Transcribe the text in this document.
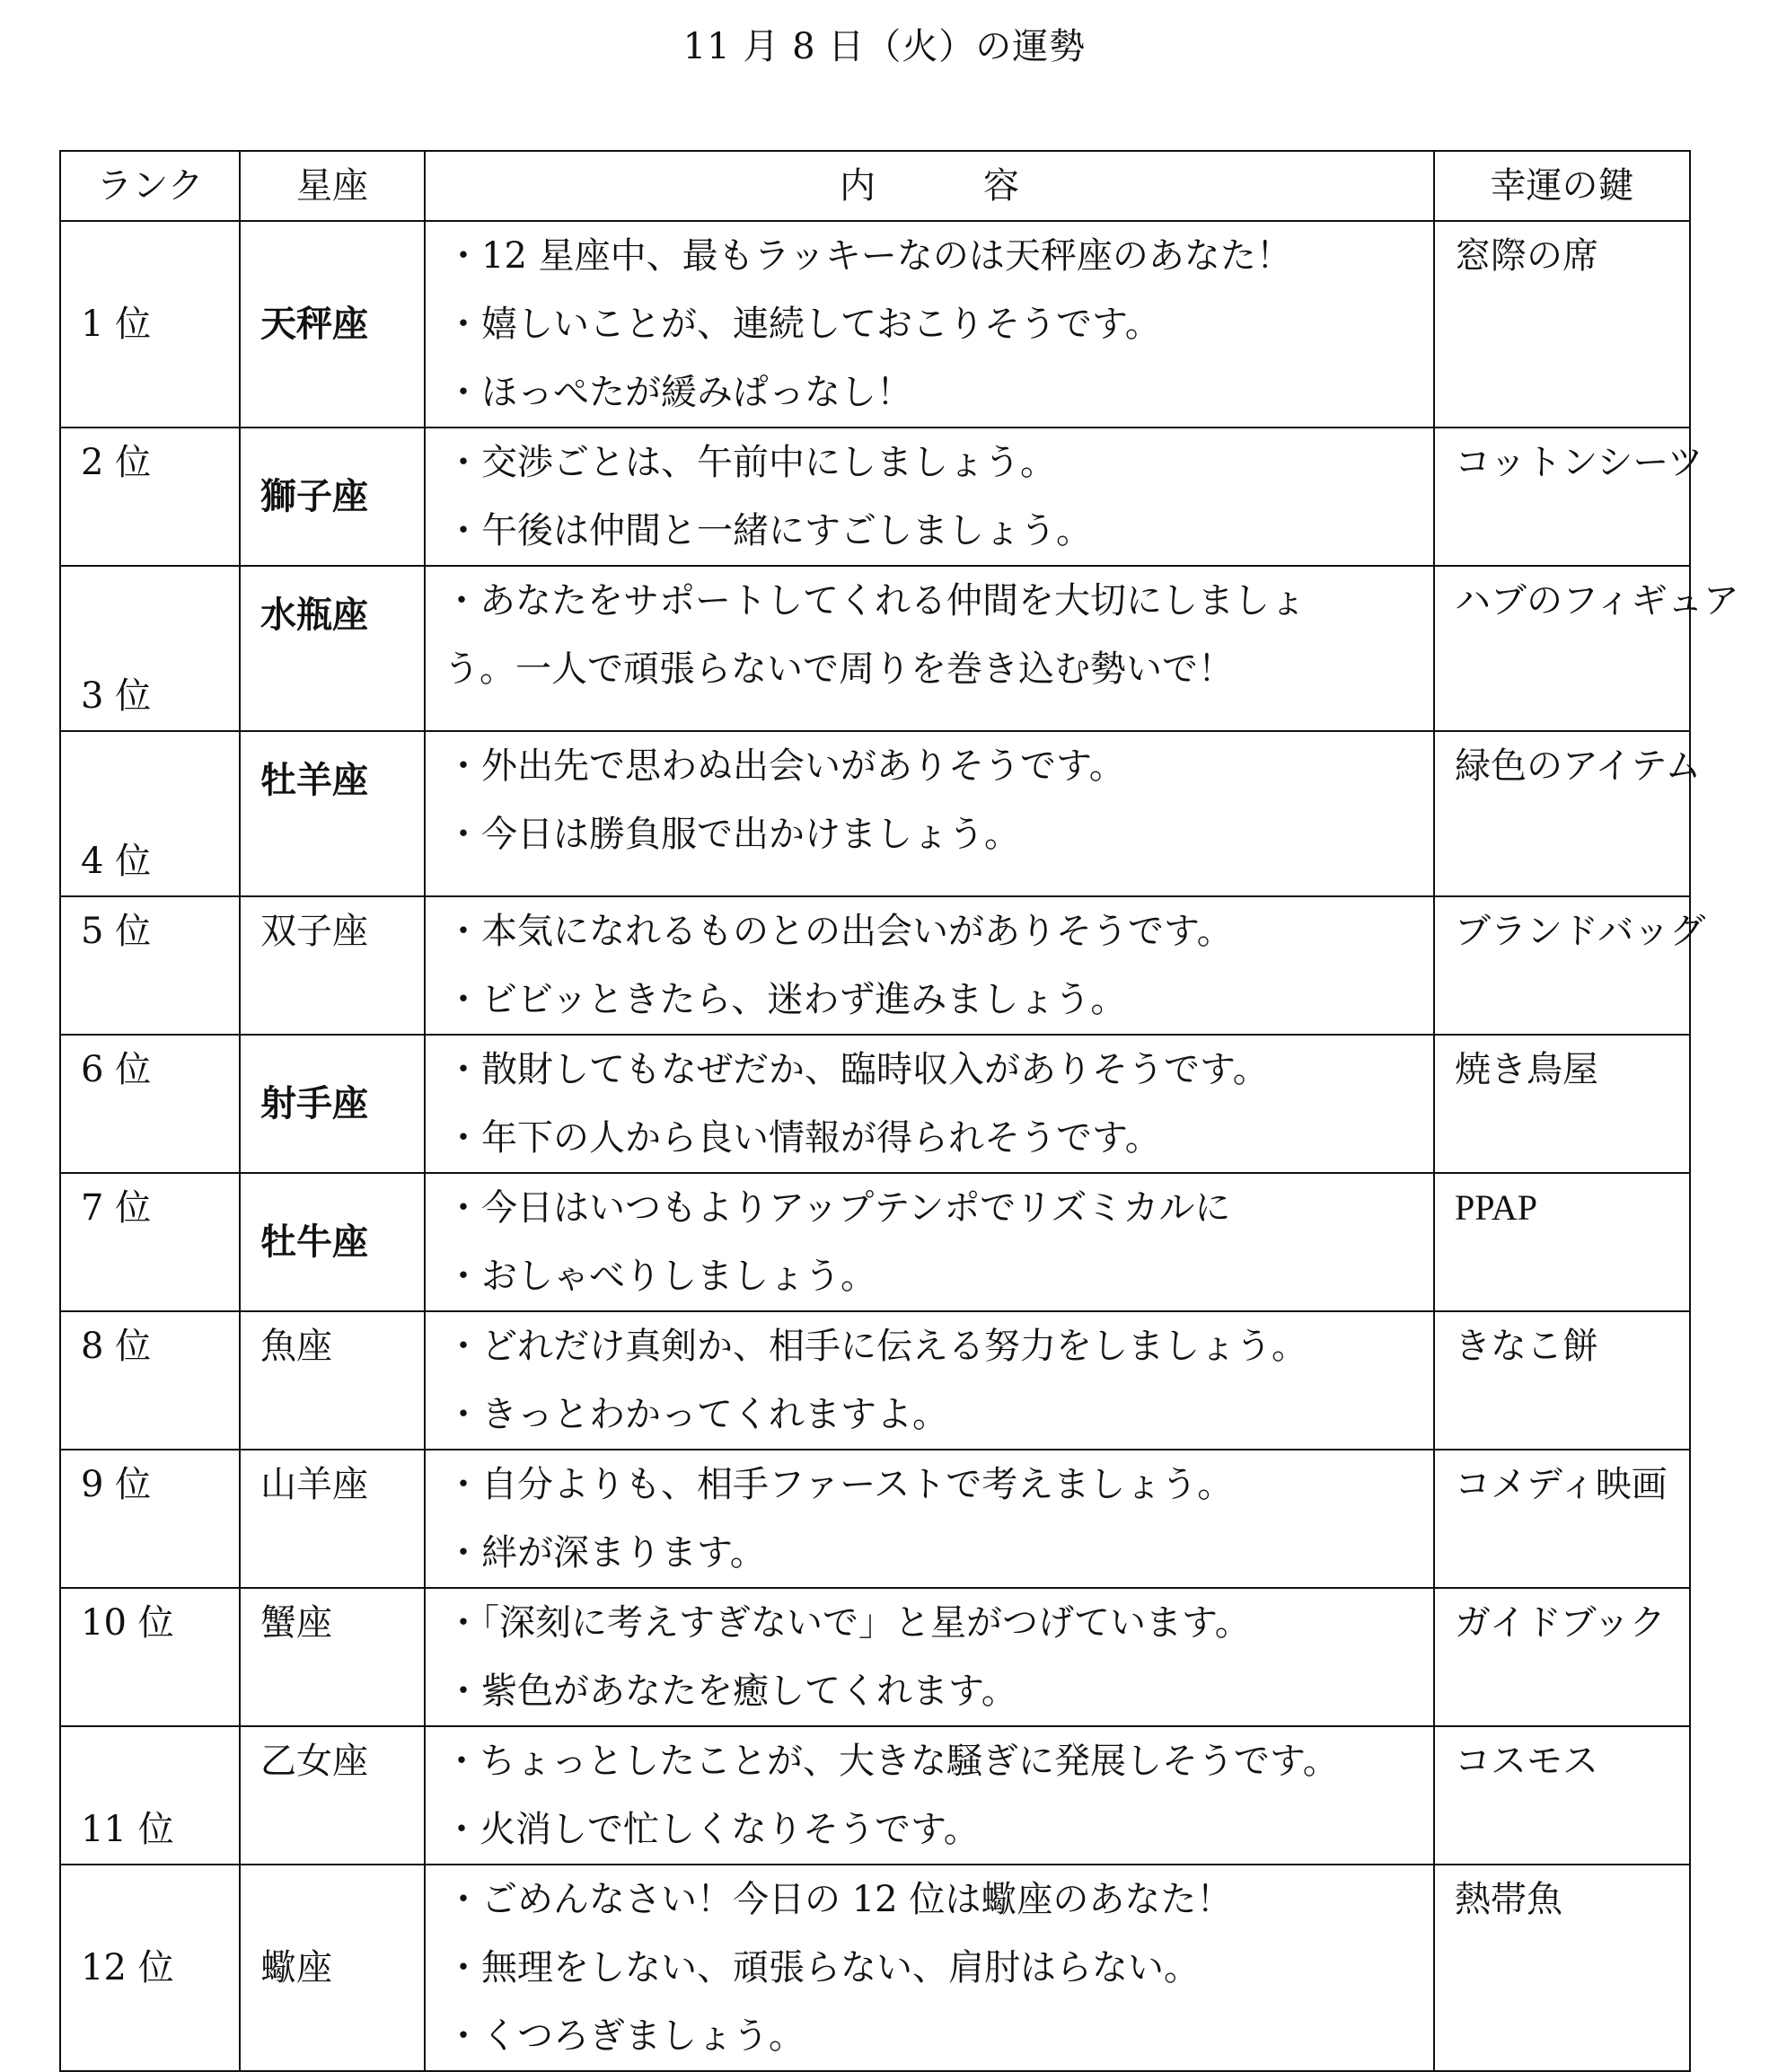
11 月 8 日（火）の運勢
ランク	星座	内　　　容	幸運の鍵
1 位	天秤座	・12 星座中、最もラッキーなのは天秤座のあなた！
・嬉しいことが、連続しておこりそうです。
・ほっぺたが緩みぱっなし！	窓際の席
2 位	獅子座	・交渉ごとは、午前中にしましょう。
・午後は仲間と一緒にすごしましょう。	コットンシーツ
3 位	水瓶座	・あなたをサポートしてくれる仲間を大切にしましょ
う。一人で頑張らないで周りを巻き込む勢いで！	ハブのフィギュア
4 位	牡羊座	・外出先で思わぬ出会いがありそうです。
・今日は勝負服で出かけましょう。	緑色のアイテム
5 位	双子座	・本気になれるものとの出会いがありそうです。
・ビビッときたら、迷わず進みましょう。	ブランドバッグ
6 位	射手座	・散財してもなぜだか、臨時収入がありそうです。
・年下の人から良い情報が得られそうです。	焼き鳥屋
7 位	牡牛座	・今日はいつもよりアップテンポでリズミカルに
・おしゃべりしましょう。	PPAP
8 位	魚座	・どれだけ真剣か、相手に伝える努力をしましょう。
・きっとわかってくれますよ。	きなこ餅
9 位	山羊座	・自分よりも、相手ファーストで考えましょう。
・絆が深まります。	コメディ映画
10 位	蟹座	・「深刻に考えすぎないで」と星がつげています。
・紫色があなたを癒してくれます。	ガイドブック
11 位	乙女座	・ちょっとしたことが、大きな騒ぎに発展しそうです。
・火消しで忙しくなりそうです。	コスモス
12 位	蠍座	・ごめんなさい！今日の 12 位は蠍座のあなた！
・無理をしない、頑張らない、肩肘はらない。
・くつろぎましょう。	熱帯魚
